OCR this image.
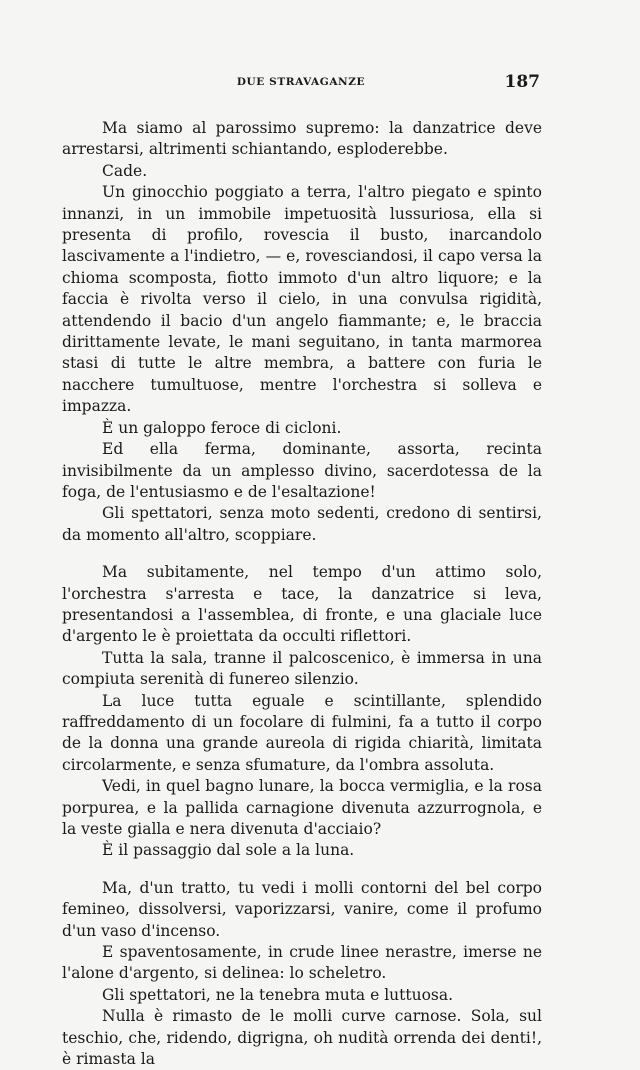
DUE STRAVAGANZE	187

Ma siamo al parossimo supremo: la danzatrice deve arrestarsi, altrimenti schiantando, esploderebbe.

Cade.

Un ginocchio poggiato a terra, l'altro piegato e spinto innanzi, in un immobile impetuosità lussuriosa, ella si presenta di profilo, rovescia il busto, inarcandolo lascivamente a l'indietro, — e, rovesciandosi, il capo versa la chioma scomposta, fiotto immoto d'un altro liquore; e la faccia è rivolta verso il cielo, in una convulsa rigidità, attendendo il bacio d'un angelo fiammante; e, le braccia dirittamente levate, le mani seguitano, in tanta marmorea stasi di tutte le altre membra, a battere con furia le nacchere tumultuose, mentre l'orchestra si solleva e impazza.

È un galoppo feroce di cicloni.

Ed ella ferma, dominante, assorta, recinta invisibilmente da un amplesso divino, sacerdotessa de la foga, de l'entusiasmo e de l'esaltazione!

Gli spettatori, senza moto sedenti, credono di sentirsi, da momento all'altro, scoppiare.

Ma subitamente, nel tempo d'un attimo solo, l'orchestra s'arresta e tace, la danzatrice si leva, presentandosi a l'assemblea, di fronte, e una glaciale luce d'argento le è proiettata da occulti riflettori.

Tutta la sala, tranne il palcoscenico, è immersa in una compiuta serenità di funereo silenzio.

La luce tutta eguale e scintillante, splendido raffreddamento di un focolare di fulmini, fa a tutto il corpo de la donna una grande aureola di rigida chiarità, limitata circolarmente, e senza sfumature, da l'ombra assoluta.

Vedi, in quel bagno lunare, la bocca vermiglia, e la rosa porpurea, e la pallida carnagione divenuta azzurrognola, e la veste gialla e nera divenuta d'acciaio?

È il passaggio dal sole a la luna.

Ma, d'un tratto, tu vedi i molli contorni del bel corpo femineo, dissolversi, vaporizzarsi, vanire, come il profumo d'un vaso d'incenso.

E spaventosamente, in crude linee nerastre, imerse ne l'alone d'argento, si delinea: lo scheletro.

Gli spettatori, ne la tenebra muta e luttuosa.

Nulla è rimasto de le molli curve carnose. Sola, sul teschio, che, ridendo, digrigna, oh nudità orrenda dei denti!, è rimasta la
